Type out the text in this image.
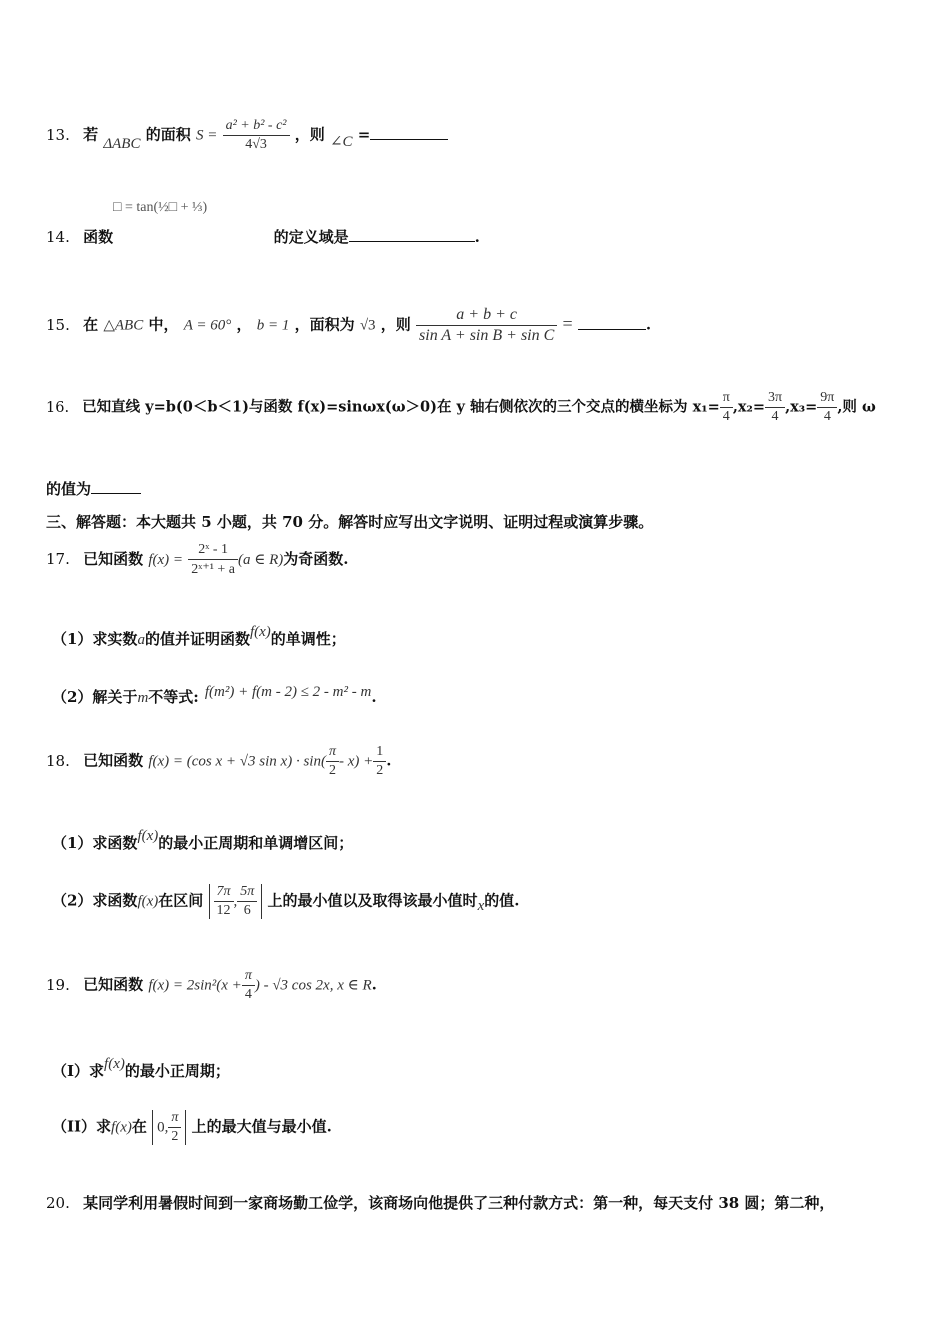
13. 若 ΔABC 的面积 $S = \frac{\text{a² + b² - c²}}{4√3}$ ，则 ∠C =
□ = tan(½□ + ⅓)
14. 函数	的定义域是	.
15. 在 △ABC 中， A = 60° ， b = 1 ，面积为 √3 ，则 $\frac{a + b + c}{\text{sin A + sin B + sin C}}$ =	.
16. 已知直线 y=b(0＜b＜1)与函数 f(x)=sinωx(ω＞0)在 y 轴右侧依次的三个交点的横坐标为 $x_1= \frac{\pi}{4} ,x_2= \frac{3\pi}{4} ,x_3= \frac{9\pi}{4}$ ,则 ω
的值为
三、解答题：本大题共 5 小题，共 70 分。解答时应写出文字说明、证明过程或演算步骤。
17. 已知函数 $f(x) = \frac{\text{2ˣ - 1}}{\text{2ˣ⁺¹ + a}} (a$ ∈ R)为奇函数.
（1）求实数a的值并证明函数f(x)的单调性；
（2）解关于m不等式: f(m²) + f(m - 2) ≤ 2 - m² - m.
18. 已知函数 f(x) = (cos x + √3 $\sin x) \cdot \sin( \frac{\pi}{2} - x) + \frac{1}{2}$ .
（1）求函数f(x)的最小正周期和单调增区间；
（2）求函数f(x)在区间 $\frac{7\pi}{12}$ , $\frac{5\pi}{6}$ 上的最小值以及取得该最小值时x的值.
19. 已知函数 $f(x) = 2\sin^2(x + \frac{\pi}{4}$ ) - √3 cos 2x, x ∈ R.
（I）求f(x)的最小正周期；
（II）求f(x)在 0, $\frac{\pi}{2}$ 上的最大值与最小值.
20. 某同学利用暑假时间到一家商场勤工俭学，该商场向他提供了三种付款方式：第一种，每天支付 38 圆；第二种，
